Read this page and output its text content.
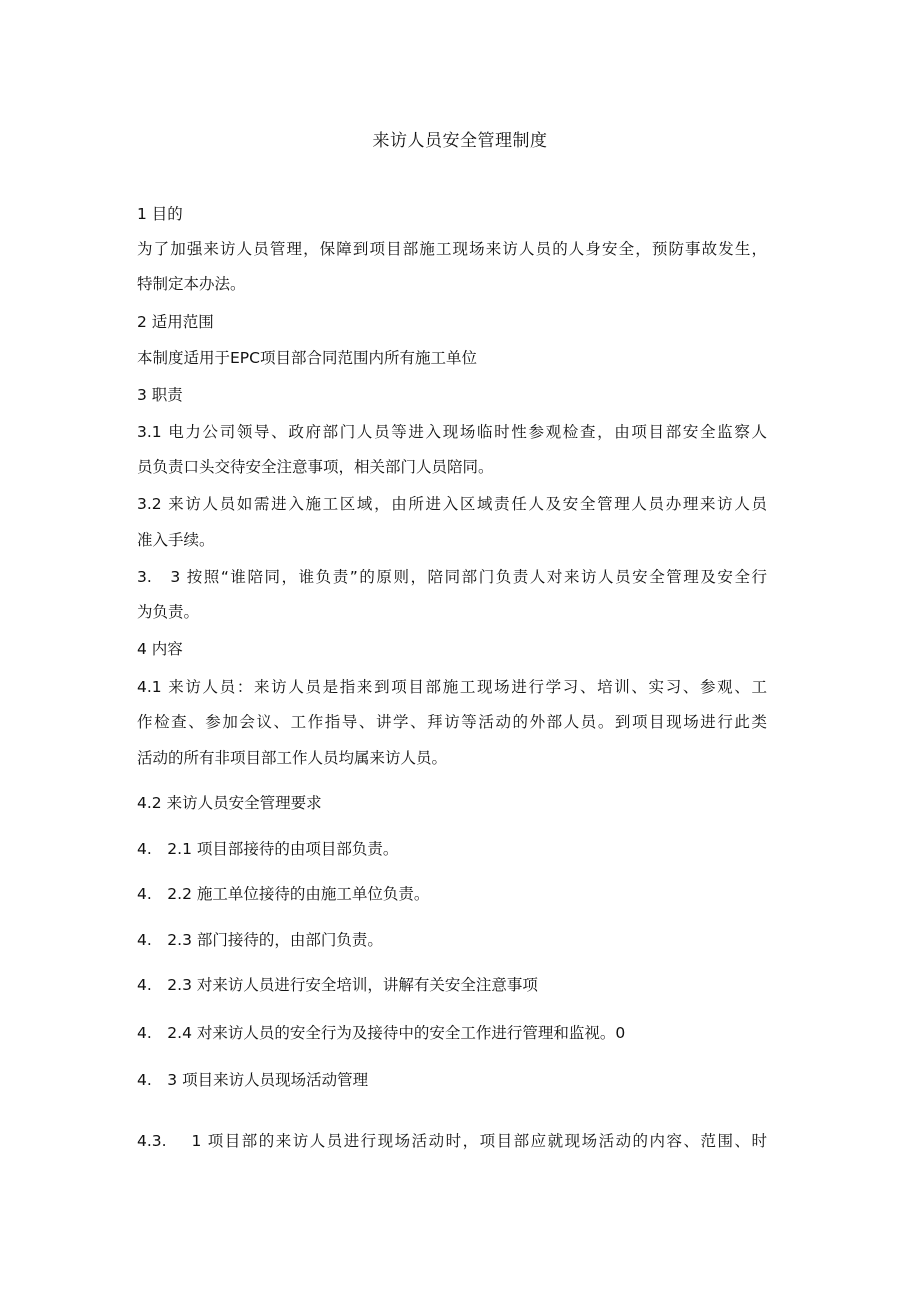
来访人员安全管理制度
1 目的
为了加强来访人员管理，保障到项目部施工现场来访人员的人身安全，预防事故发生，
特制定本办法。
2 适用范围
本制度适用于EPC项目部合同范围内所有施工单位
3 职责
3.1 电力公司领导、政府部门人员等进入现场临时性参观检查，由项目部安全监察人
员负责口头交待安全注意事项，相关部门人员陪同。
3.2 来访人员如需进入施工区域，由所进入区域责任人及安全管理人员办理来访人员
准入手续。
3.　3 按照“谁陪同，谁负责”的原则，陪同部门负责人对来访人员安全管理及安全行
为负责。
4 内容
4.1 来访人员：来访人员是指来到项目部施工现场进行学习、培训、实习、参观、工
作检查、参加会议、工作指导、讲学、拜访等活动的外部人员。到项目现场进行此类
活动的所有非项目部工作人员均属来访人员。
4.2 来访人员安全管理要求
4.　2.1 项目部接待的由项目部负责。
4.　2.2 施工单位接待的由施工单位负责。
4.　2.3 部门接待的，由部门负责。
4.　2.3 对来访人员进行安全培训，讲解有关安全注意事项
4.　2.4 对来访人员的安全行为及接待中的安全工作进行管理和监视。0
4.　3 项目来访人员现场活动管理
4.3.　 1 项目部的来访人员进行现场活动时，项目部应就现场活动的内容、范围、时
